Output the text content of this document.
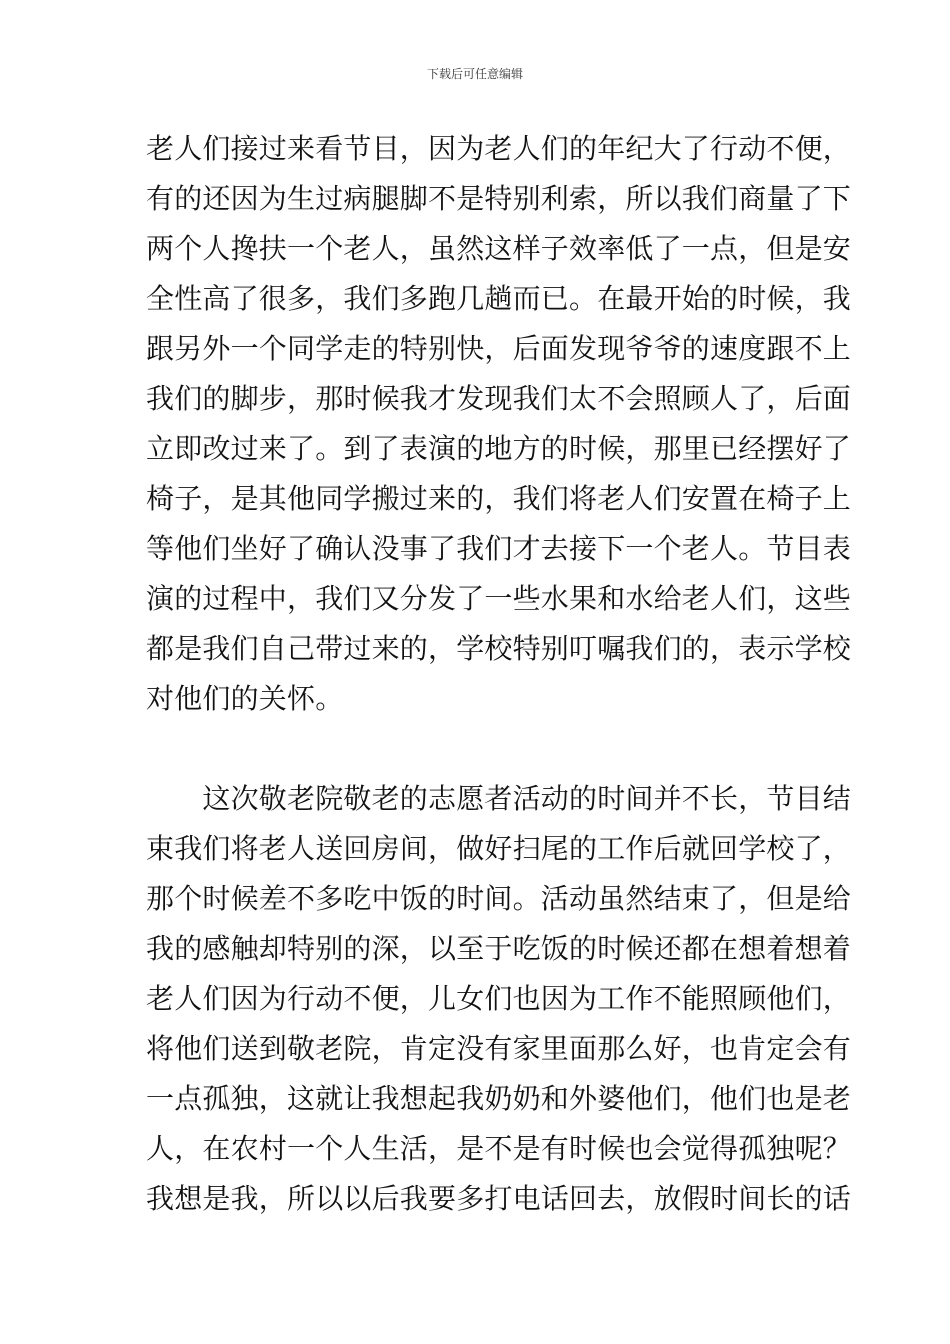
下载后可任意编辑
老人们接过来看节目，因为老人们的年纪大了行动不便，
有的还因为生过病腿脚不是特别利索，所以我们商量了下
两个人搀扶一个老人，虽然这样子效率低了一点，但是安
全性高了很多，我们多跑几趟而已。在最开始的时候，我
跟另外一个同学走的特别快，后面发现爷爷的速度跟不上
我们的脚步，那时候我才发现我们太不会照顾人了，后面
立即改过来了。到了表演的地方的时候，那里已经摆好了
椅子，是其他同学搬过来的，我们将老人们安置在椅子上
等他们坐好了确认没事了我们才去接下一个老人。节目表
演的过程中，我们又分发了一些水果和水给老人们，这些
都是我们自己带过来的，学校特别叮嘱我们的，表示学校
对他们的关怀。
　　这次敬老院敬老的志愿者活动的时间并不长，节目结
束我们将老人送回房间，做好扫尾的工作后就回学校了，
那个时候差不多吃中饭的时间。活动虽然结束了，但是给
我的感触却特别的深，以至于吃饭的时候还都在想着想着
老人们因为行动不便，儿女们也因为工作不能照顾他们，
将他们送到敬老院，肯定没有家里面那么好，也肯定会有
一点孤独，这就让我想起我奶奶和外婆他们，他们也是老
人，在农村一个人生活，是不是有时候也会觉得孤独呢？
我想是我，所以以后我要多打电话回去，放假时间长的话
